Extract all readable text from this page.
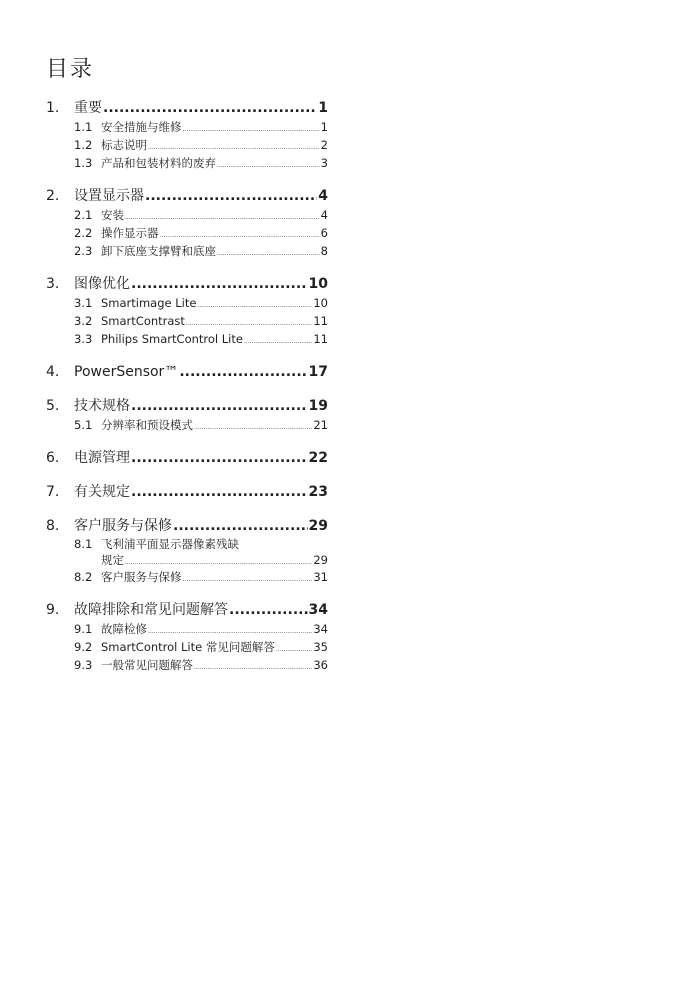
目录
1.	重要 .....	1
1.1 安全措施与维修 .....	1
1.2 标志说明 .....	2
1.3 产品和包装材料的废弃 .....	3
2.	设置显示器 .....	4
2.1 安装 .....	4
2.2 操作显示器 .....	6
2.3 卸下底座支撑臂和底座 .....	8
3.	图像优化 .....	10
3.1 Smartimage Lite .....	10
3.2 SmartContrast .....	11
3.3 Philips SmartControl Lite .....	11
4.	PowerSensor™ .....	17
5.	技术规格 .....	19
5.1 分辨率和预设模式 .....	21
6.	电源管理 .....	22
7.	有关规定 .....	23
8.	客户服务与保修 .....	29
8.1 飞利浦平面显示器像素残缺
规定 .....	29
8.2 客户服务与保修 .....	31
9.	故障排除和常见问题解答 .....	34
9.1 故障检修 .....	34
9.2 SmartControl Lite 常见问题解答 .....	35
9.3 一般常见问题解答 .....	36
